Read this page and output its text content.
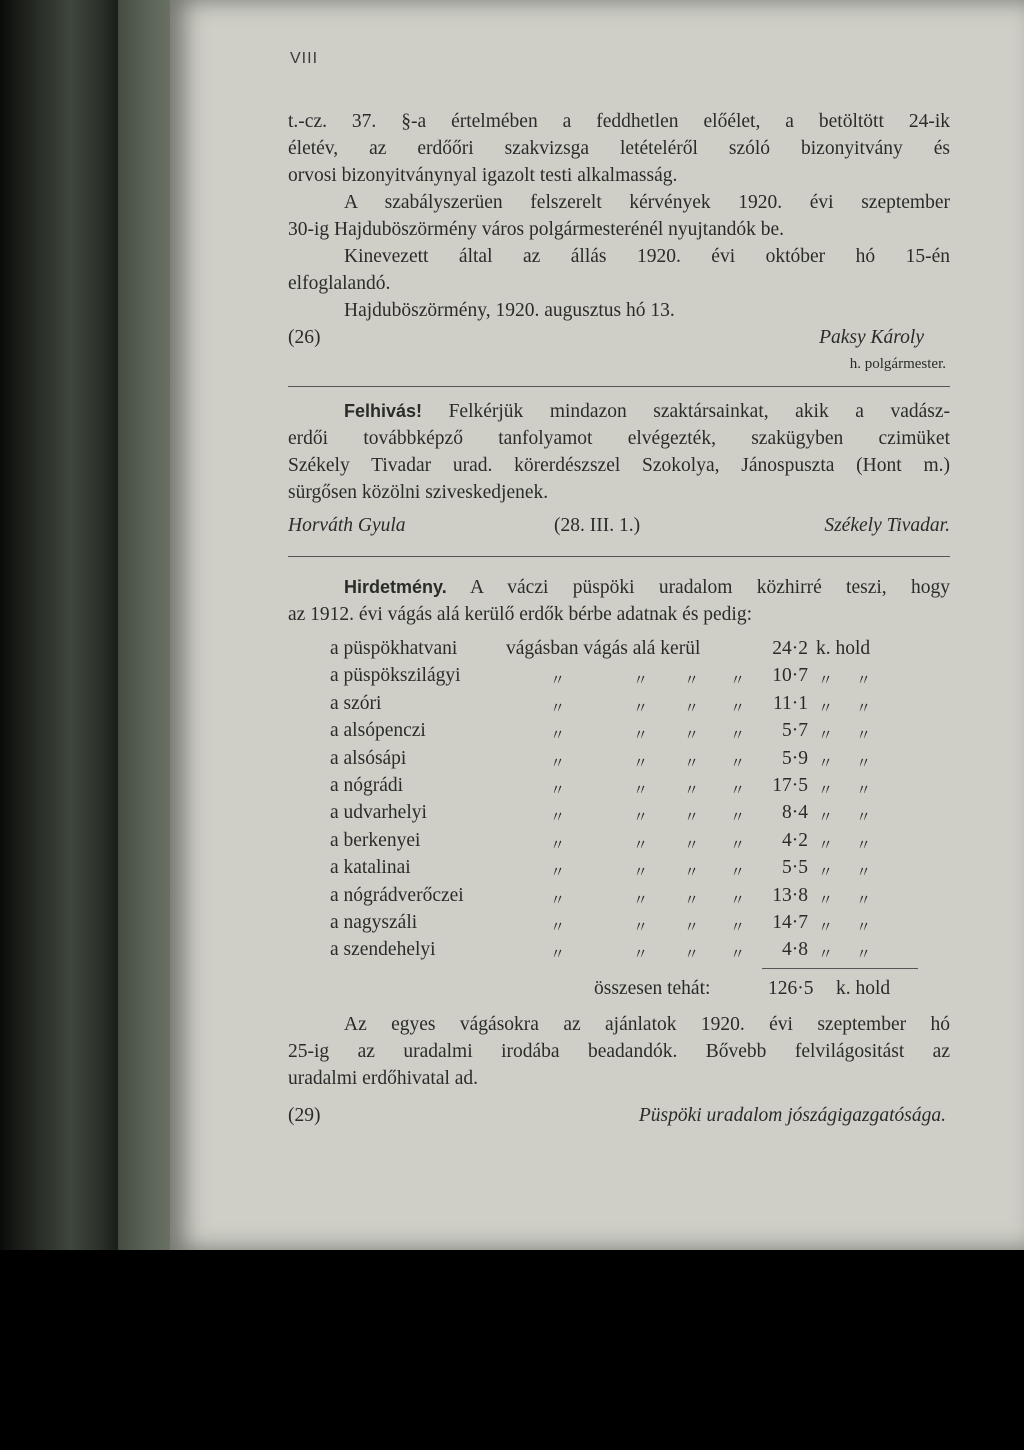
VIII
t.-cz. 37. §-a értelmében a feddhetlen előélet, a betöltött 24-ik
életév, az erdőőri szakvizsga letételéről szóló bizonyitvány és
orvosi bizonyitványnyal igazolt testi alkalmasság.
A szabályszerüen felszerelt kérvények 1920. évi szeptember
30-ig Hajduböszörmény város polgármesterénél nyujtandók be.
Kinevezett által az állás 1920. évi október hó 15-én
elfoglalandó.
Hajduböszörmény, 1920. augusztus hó 13.
(26)	Paksy Károly
h. polgármester.
Felhivás! Felkérjük mindazon szaktársainkat, akik a vadász-
erdői továbbképző tanfolyamot elvégezték, szakügyben czimüket
Székely Tivadar urad. körerdészszel Szokolya, Jánospuszta (Hont m.)
sürgősen közölni sziveskedjenek.
Horváth Gyula	(28. III. 1.)	Székely Tivadar.
Hirdetmény. A váczi püspöki uradalom közhirré teszi, hogy
az 1912. évi vágás alá kerülő erdők bérbe adatnak és pedig:
a püspökhatvani vágásban vágás alá kerül	24·2 k. hold
a püspökszilágyi	〃	〃 〃 〃 10·7 〃 〃
a szóri	〃	〃 〃 〃 11·1 〃 〃
a alsópenczi	〃	〃 〃 〃 5·7 〃 〃
a alsósápi	〃	〃 〃 〃 5·9 〃 〃
a nógrádi	〃	〃 〃 〃 17·5 〃 〃
a udvarhelyi	〃	〃 〃 〃 8·4 〃 〃
a berkenyei	〃	〃 〃 〃 4·2 〃 〃
a katalinai	〃	〃 〃 〃 5·5 〃 〃
a nógrádverőczei	〃	〃 〃 〃 13·8 〃 〃
a nagyszáli	〃	〃 〃 〃 14·7 〃 〃
a szendehelyi	〃	〃 〃 〃 4·8 〃 〃
összesen tehát:	126·5 k. hold
Az egyes vágásokra az ajánlatok 1920. évi szeptember hó
25-ig az uradalmi irodába beadandók. Bővebb felvilágositást az
uradalmi erdőhivatal ad.
(29)	Püspöki uradalom jószágigazgatósága.
